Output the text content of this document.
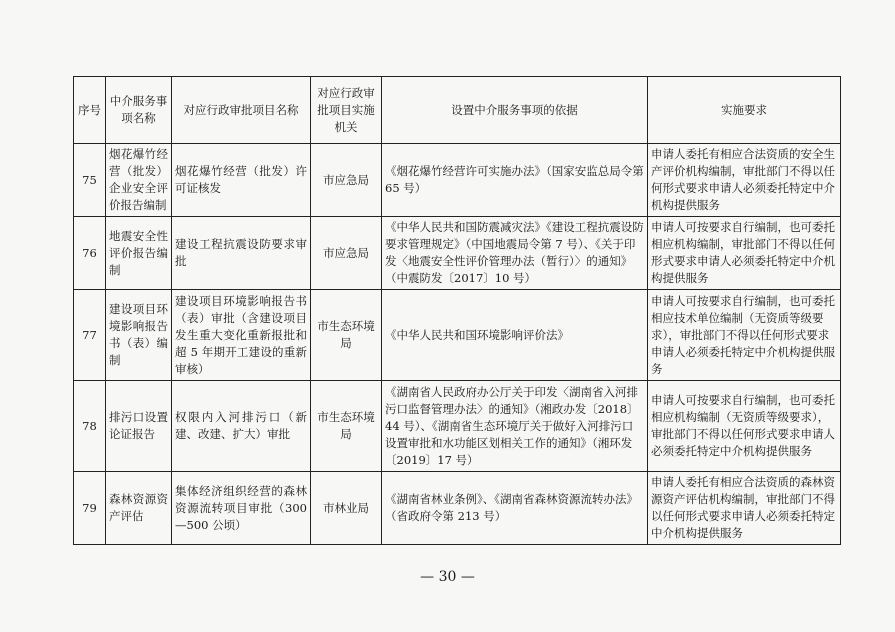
序号	中介服务事项名称	对应行政审批项目名称	对应行政审批项目实施机关	设置中介服务事项的依据	实施要求
75	烟花爆竹经营（批发）企业安全评价报告编制	烟花爆竹经营（批发）许可证核发	市应急局	《烟花爆竹经营许可实施办法》（国家安监总局令第 65 号）	申请人委托有相应合法资质的安全生产评价机构编制，审批部门不得以任何形式要求申请人必须委托特定中介机构提供服务
76	地震安全性评价报告编制	建设工程抗震设防要求审批	市应急局	《中华人民共和国防震减灾法》《建设工程抗震设防要求管理规定》（中国地震局令第 7 号）、《关于印发〈地震安全性评价管理办法（暂行）〉的通知》（中震防发〔2017〕10 号）	申请人可按要求自行编制，也可委托相应机构编制，审批部门不得以任何形式要求申请人必须委托特定中介机构提供服务
77	建设项目环境影响报告书（表）编制	建设项目环境影响报告书（表）审批（含建设项目发生重大变化重新报批和超 5 年期开工建设的重新审核）	市生态环境局	《中华人民共和国环境影响评价法》	申请人可按要求自行编制，也可委托相应技术单位编制（无资质等级要求），审批部门不得以任何形式要求申请人必须委托特定中介机构提供服务
78	排污口设置论证报告	权限内入河排污口（新建、改建、扩大）审批	市生态环境局	《湖南省人民政府办公厅关于印发〈湖南省入河排污口监督管理办法〉的通知》（湘政办发〔2018〕44 号）、《湖南省生态环境厅关于做好入河排污口设置审批和水功能区划相关工作的通知》（湘环发〔2019〕17 号）	申请人可按要求自行编制，也可委托相应机构编制（无资质等级要求），审批部门不得以任何形式要求申请人必须委托特定中介机构提供服务
79	森林资源资产评估	集体经济组织经营的森林资源流转项目审批（300—500 公顷）	市林业局	《湖南省林业条例》、《湖南省森林资源流转办法》（省政府令第 213 号）	申请人委托有相应合法资质的森林资源资产评估机构编制，审批部门不得以任何形式要求申请人必须委托特定中介机构提供服务
— 30 —
